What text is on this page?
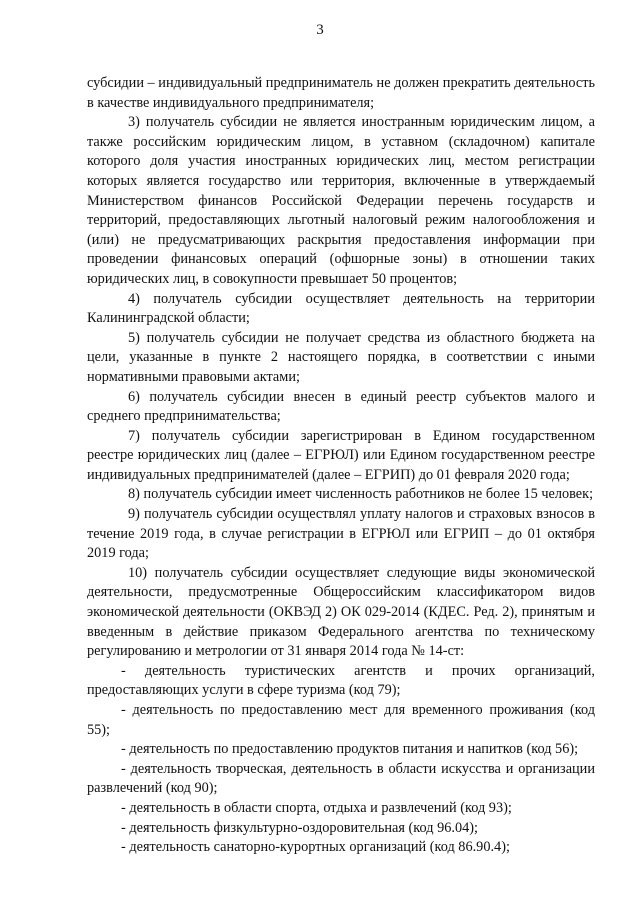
3

субсидии – индивидуальный предприниматель не должен прекратить деятельность в качестве индивидуального предпринимателя;

3) получатель субсидии не является иностранным юридическим лицом, а также российским юридическим лицом, в уставном (складочном) капитале которого доля участия иностранных юридических лиц, местом регистрации которых является государство или территория, включенные в утверждаемый Министерством финансов Российской Федерации перечень государств и территорий, предоставляющих льготный налоговый режим налогообложения и (или) не предусматривающих раскрытия предоставления информации при проведении финансовых операций (офшорные зоны) в отношении таких юридических лиц, в совокупности превышает 50 процентов;

4) получатель субсидии осуществляет деятельность на территории Калининградской области;

5) получатель субсидии не получает средства из областного бюджета на цели, указанные в пункте 2 настоящего порядка, в соответствии с иными нормативными правовыми актами;

6) получатель субсидии внесен в единый реестр субъектов малого и среднего предпринимательства;

7) получатель субсидии зарегистрирован в Едином государственном реестре юридических лиц (далее – ЕГРЮЛ) или Едином государственном реестре индивидуальных предпринимателей (далее – ЕГРИП) до 01 февраля 2020 года;

8) получатель субсидии имеет численность работников не более 15 человек;

9) получатель субсидии осуществлял уплату налогов и страховых взносов в течение 2019 года, в случае регистрации в ЕГРЮЛ или ЕГРИП – до 01 октября 2019 года;

10) получатель субсидии осуществляет следующие виды экономической деятельности, предусмотренные Общероссийским классификатором видов экономической деятельности (ОКВЭД 2) ОК 029-2014 (КДЕС. Ред. 2), принятым и введенным в действие приказом Федерального агентства по техническому регулированию и метрологии от 31 января 2014 года № 14-ст:

- деятельность туристических агентств и прочих организаций, предоставляющих услуги в сфере туризма (код 79);

- деятельность по предоставлению мест для временного проживания (код 55);

- деятельность по предоставлению продуктов питания и напитков (код 56);

- деятельность творческая, деятельность в области искусства и организации развлечений (код 90);

- деятельность в области спорта, отдыха и развлечений (код 93);

- деятельность физкультурно-оздоровительная (код 96.04);

- деятельность санаторно-курортных организаций (код 86.90.4);
